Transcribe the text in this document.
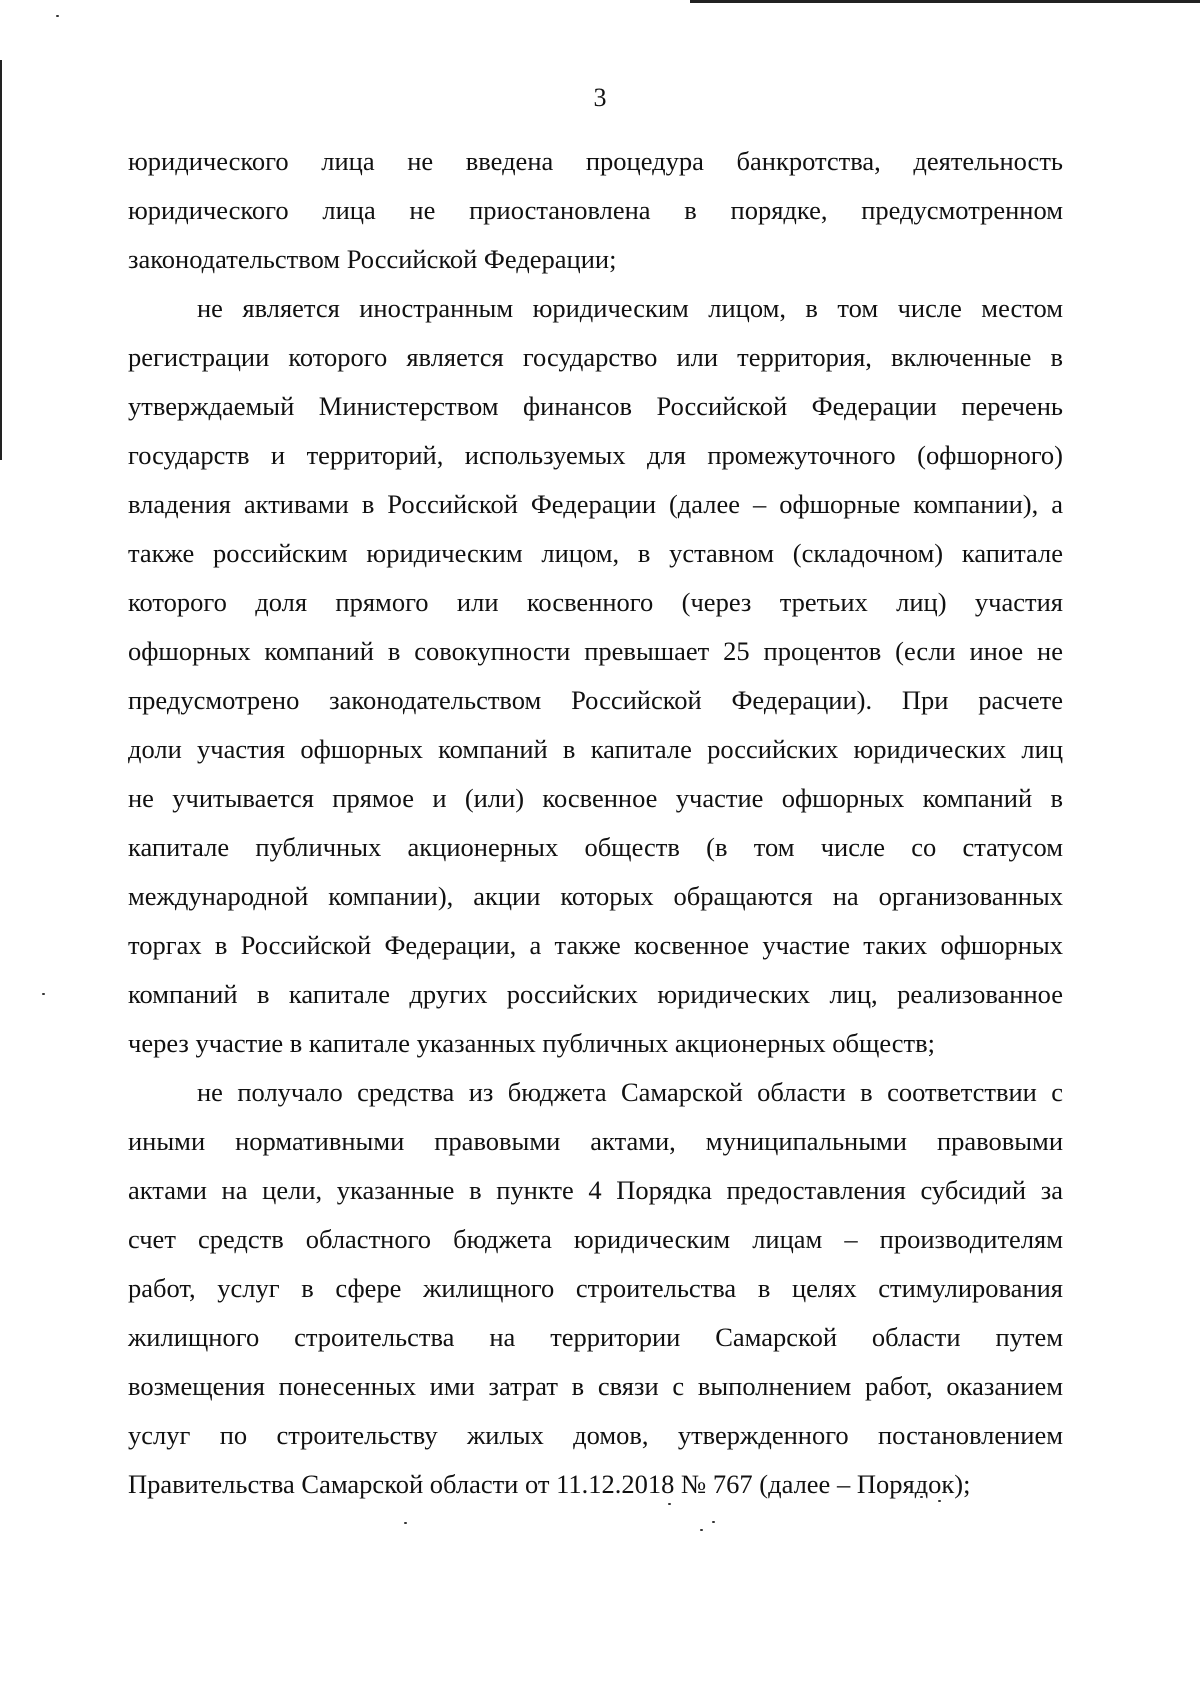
3
юридического лица не введена процедура банкротства, деятельность
юридического лица не приостановлена в порядке, предусмотренном
законодательством Российской Федерации;
не является иностранным юридическим лицом, в том числе местом
регистрации которого является государство или территория, включенные в
утверждаемый Министерством финансов Российской Федерации перечень
государств и территорий, используемых для промежуточного (офшорного)
владения активами в Российской Федерации (далее – офшорные компании), а
также российским юридическим лицом, в уставном (складочном) капитале
которого доля прямого или косвенного (через третьих лиц) участия
офшорных компаний в совокупности превышает 25 процентов (если иное не
предусмотрено законодательством Российской Федерации). При расчете
доли участия офшорных компаний в капитале российских юридических лиц
не учитывается прямое и (или) косвенное участие офшорных компаний в
капитале публичных акционерных обществ (в том числе со статусом
международной компании), акции которых обращаются на организованных
торгах в Российской Федерации, а также косвенное участие таких офшорных
компаний в капитале других российских юридических лиц, реализованное
через участие в капитале указанных публичных акционерных обществ;
не получало средства из бюджета Самарской области в соответствии с
иными нормативными правовыми актами, муниципальными правовыми
актами на цели, указанные в пункте 4 Порядка предоставления субсидий за
счет средств областного бюджета юридическим лицам – производителям
работ, услуг в сфере жилищного строительства в целях стимулирования
жилищного строительства на территории Самарской области путем
возмещения понесенных ими затрат в связи с выполнением работ, оказанием
услуг по строительству жилых домов, утвержденного постановлением
Правительства Самарской области от 11.12.2018 № 767 (далее – Порядок);
